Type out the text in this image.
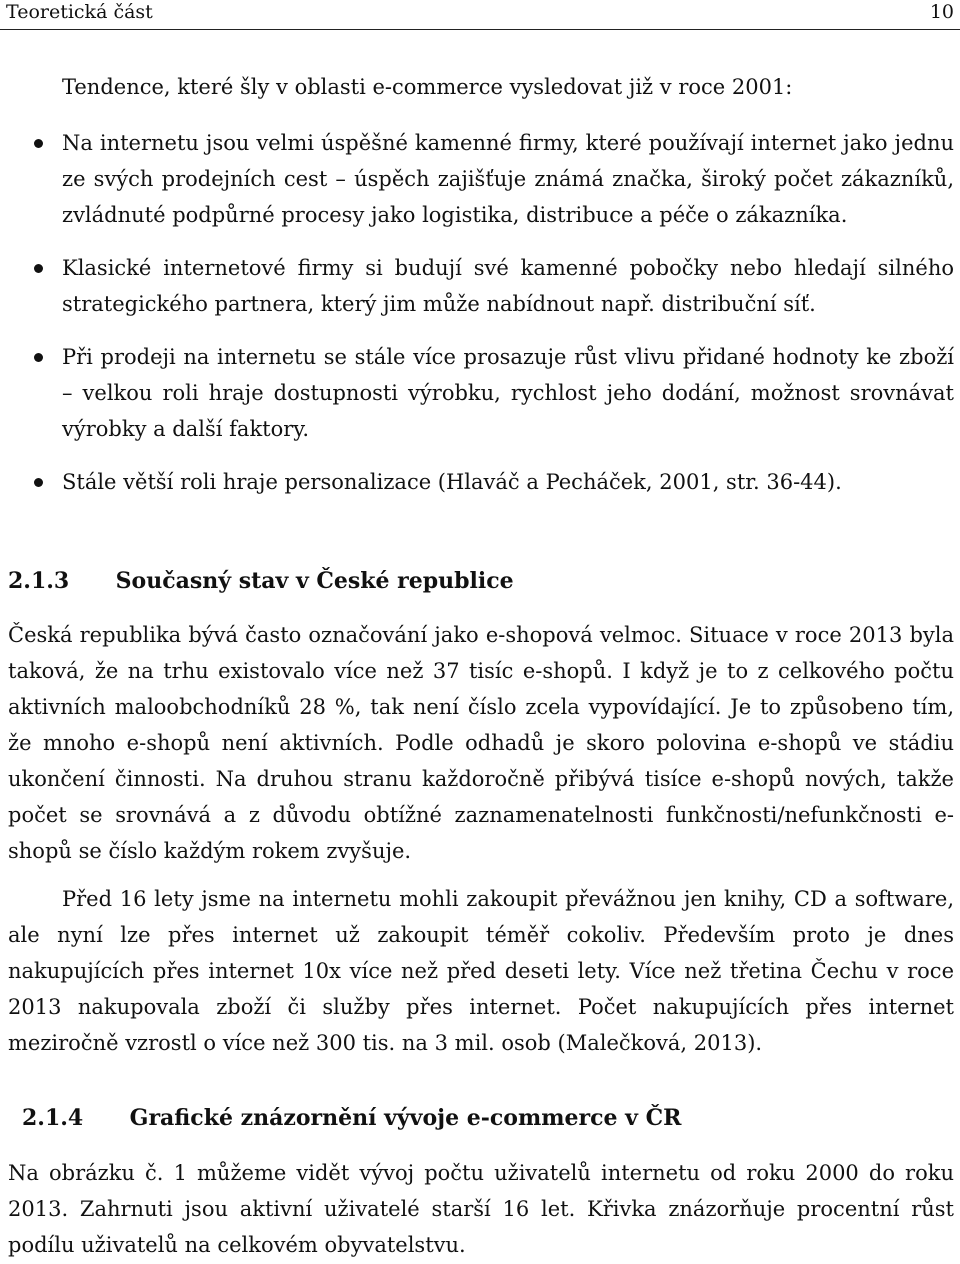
Teoretická část	10
Tendence, které šly v oblasti e-commerce vysledovat již v roce 2001:
Na internetu jsou velmi úspěšné kamenné firmy, které používají internet jako jednu ze svých prodejních cest – úspěch zajišťuje známá značka, široký počet zákazníků, zvládnuté podpůrné procesy jako logistika, distribuce a péče o zákazníka.
Klasické internetové firmy si budují své kamenné pobočky nebo hledají silného strategického partnera, který jim může nabídnout např. distribuční síť.
Při prodeji na internetu se stále více prosazuje růst vlivu přidané hodnoty ke zboží – velkou roli hraje dostupnosti výrobku, rychlost jeho dodání, možnost srovnávat výrobky a další faktory.
Stále větší roli hraje personalizace (Hlaváč a Pecháček, 2001, str. 36-44).
2.1.3 Současný stav v České republice
Česká republika bývá často označování jako e-shopová velmoc. Situace v roce 2013 byla taková, že na trhu existovalo více než 37 tisíc e-shopů. I když je to z celkového počtu aktivních maloobchodníků 28 %, tak není číslo zcela vypovídající. Je to způsobeno tím, že mnoho e-shopů není aktivních. Podle odhadů je skoro polovina e-shopů ve stádiu ukončení činnosti. Na druhou stranu každoročně přibývá tisíce e-shopů nových, takže počet se srovnává a z důvodu obtížné zaznamenatelnosti funkčnosti/nefunkčnosti e-shopů se číslo každým rokem zvyšuje.
Před 16 lety jsme na internetu mohli zakoupit převážnou jen knihy, CD a software, ale nyní lze přes internet už zakoupit téměř cokoliv. Především proto je dnes nakupujících přes internet 10x více než před deseti lety. Více než třetina Čechu v roce 2013 nakupovala zboží či služby přes internet. Počet nakupujících přes internet meziročně vzrostl o více než 300 tis. na 3 mil. osob (Malečková, 2013).
2.1.4 Grafické znázornění vývoje e-commerce v ČR
Na obrázku č. 1 můžeme vidět vývoj počtu uživatelů internetu od roku 2000 do roku 2013. Zahrnuti jsou aktivní uživatelé starší 16 let. Křivka znázorňuje procentní růst podílu uživatelů na celkovém obyvatelstvu.
